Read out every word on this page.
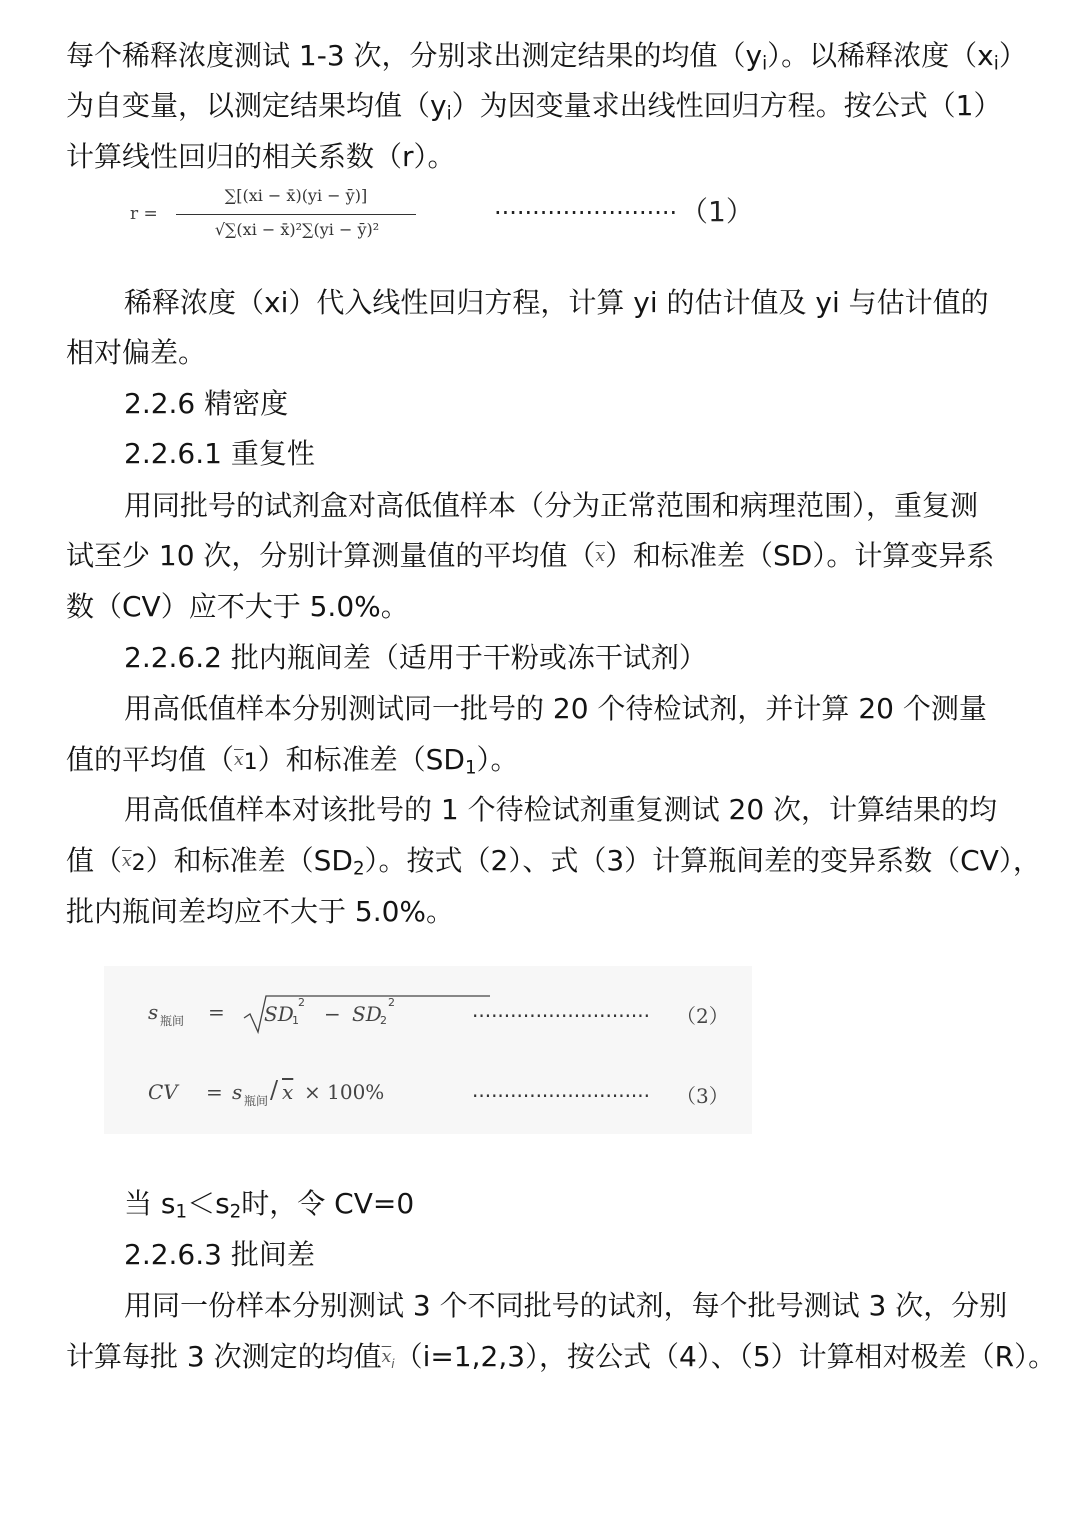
每个稀释浓度测试 1-3 次，分别求出测定结果的均值$(y_i)$。以稀释浓度$(x_i)$
为自变量，以测定结果均值$(y_i)$为因变量求出线性回归方程。按公式（1）
计算线性回归的相关系数（r）。
r =
∑[(xi − x̄)(yi − ȳ)]
√∑(xi − x̄)²∑(yi − ȳ)²
........................ （1）
稀释浓度（xi）代入线性回归方程，计算 yi 的估计值及 yi 与估计值的
相对偏差。
2.2.6 精密度
2.2.6.1 重复性
用同批号的试剂盒对高低值样本（分为正常范围和病理范围），重复测
试至少 10 次，分别计算测量值的平均值$(\overline{x})$和标准差（SD）。计算变异系
数（CV）应不大于 5.0%。
2.2.6.2 批内瓶间差（适用于干粉或冻干试剂）
用高低值样本分别测试同一批号的 20 个待检试剂，并计算 20 个测量
值的平均值$(\overline{x}1)$和标准差$(SD_1)$。
用高低值样本对该批号的 1 个待检试剂重复测试 20 次，计算结果的均
值$(\overline{x}2)$和标准差$(SD_2)$。按式（2）、式（3）计算瓶间差的变异系数（CV），
批内瓶间差均应不大于 5.0%。
s 瓶间 = SD
1
2 − SD
2
2	............................ （2）
CV = s 瓶间 / $\overline{x} \times 100\%$	............................ （3）
当 $s_1<s_2$时，令 CV=0
2.2.6.3 批间差
用同一份样本分别测试 3 个不同批号的试剂，每个批号测试 3 次，分别
计算每批 3 次测定的均值$\overline{x}i(i=1,2,3)$，按公式（4）、（5）计算相对极差（R）。
